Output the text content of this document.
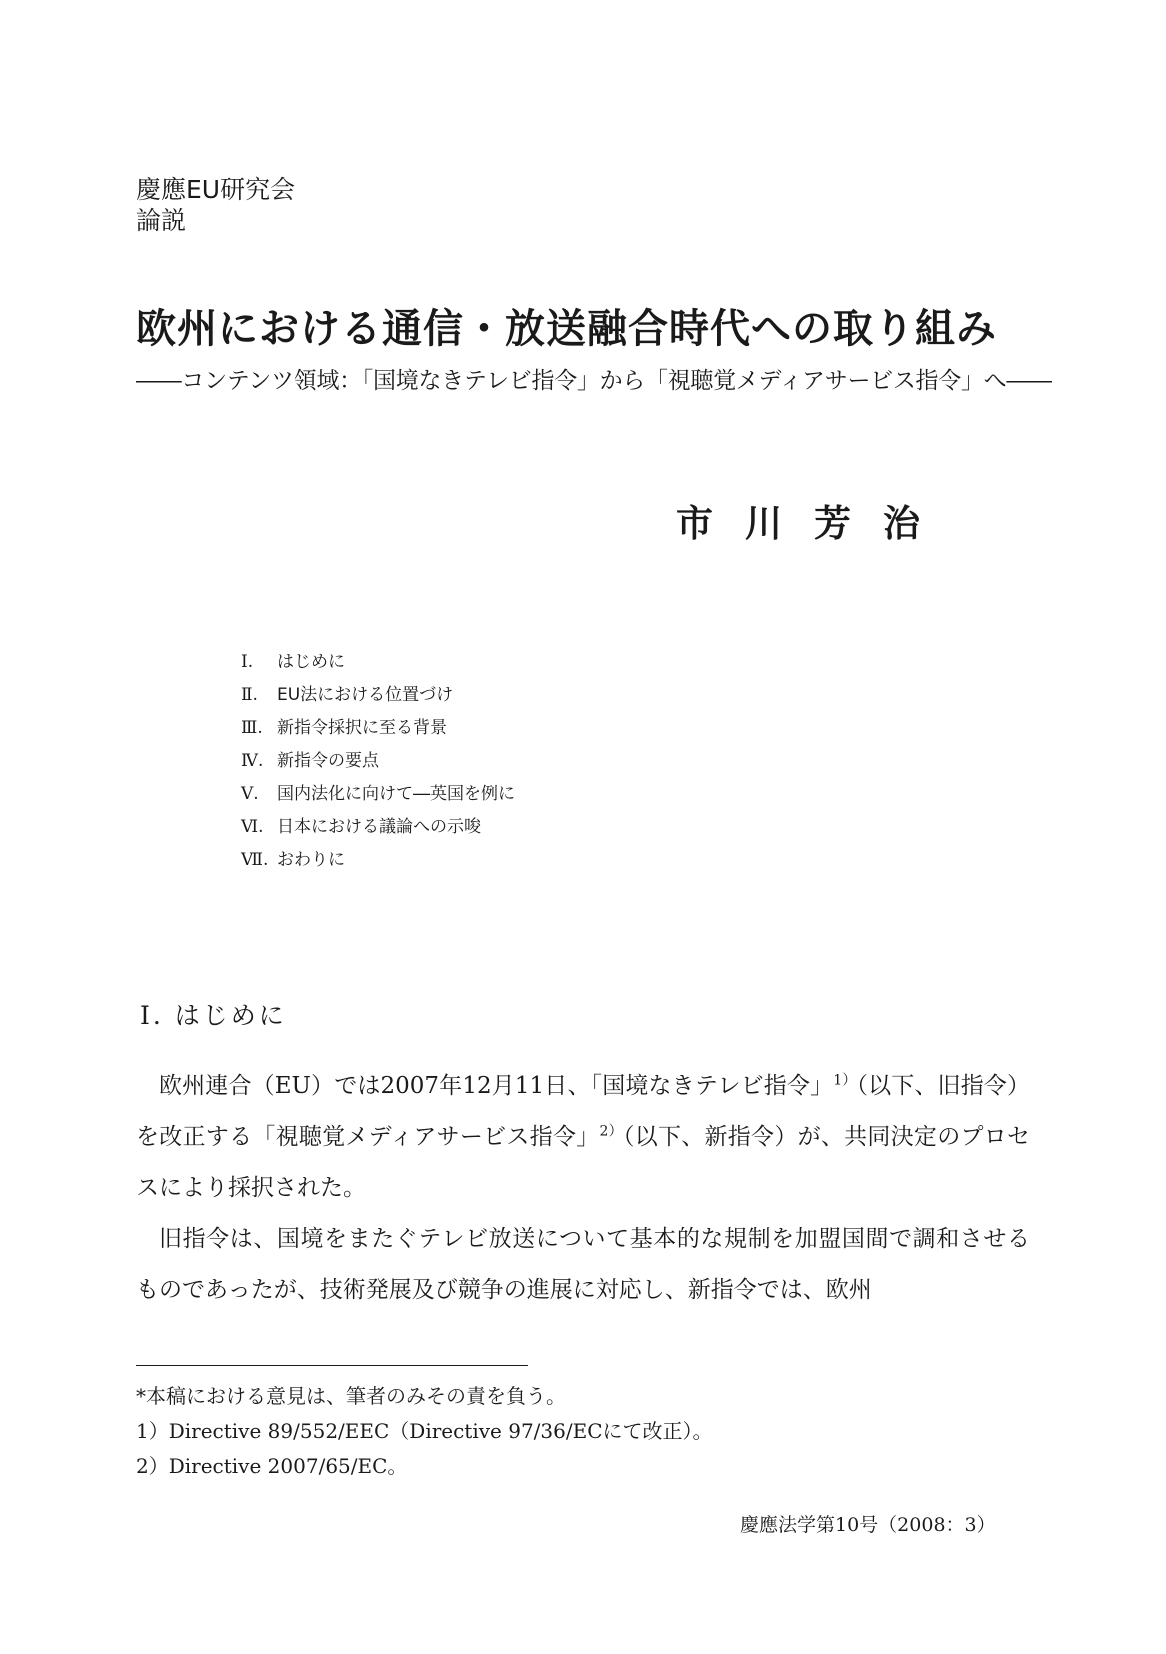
慶應EU研究会
論説
欧州における通信・放送融合時代への取り組み
――コンテンツ領域：「国境なきテレビ指令」から「視聴覚メディアサービス指令」へ――
市川芳治
Ⅰ.	はじめに
Ⅱ.	EU法における位置づけ
Ⅲ. 新指令採択に至る背景
Ⅳ. 新指令の要点
Ⅴ.	国内法化に向けて―英国を例に
Ⅵ. 日本における議論への示唆
Ⅶ. おわりに
Ⅰ. はじめに

欧州連合（EU）では2007年12月11日、「国境なきテレビ指令」$^{1)}$（以下、旧指令）を改正する「視聴覚メディアサービス指令」$^{2)}$（以下、新指令）が、共同決定のプロセスにより採択された。

旧指令は、国境をまたぐテレビ放送について基本的な規制を加盟国間で調和させるものであったが、技術発展及び競争の進展に対応し、新指令では、欧州

*本稿における意見は、筆者のみその責を負う。
1）Directive 89/552/EEC（Directive 97/36/ECにて改正）。
2）Directive 2007/65/EC。
慶應法学第10号（2008：3）
